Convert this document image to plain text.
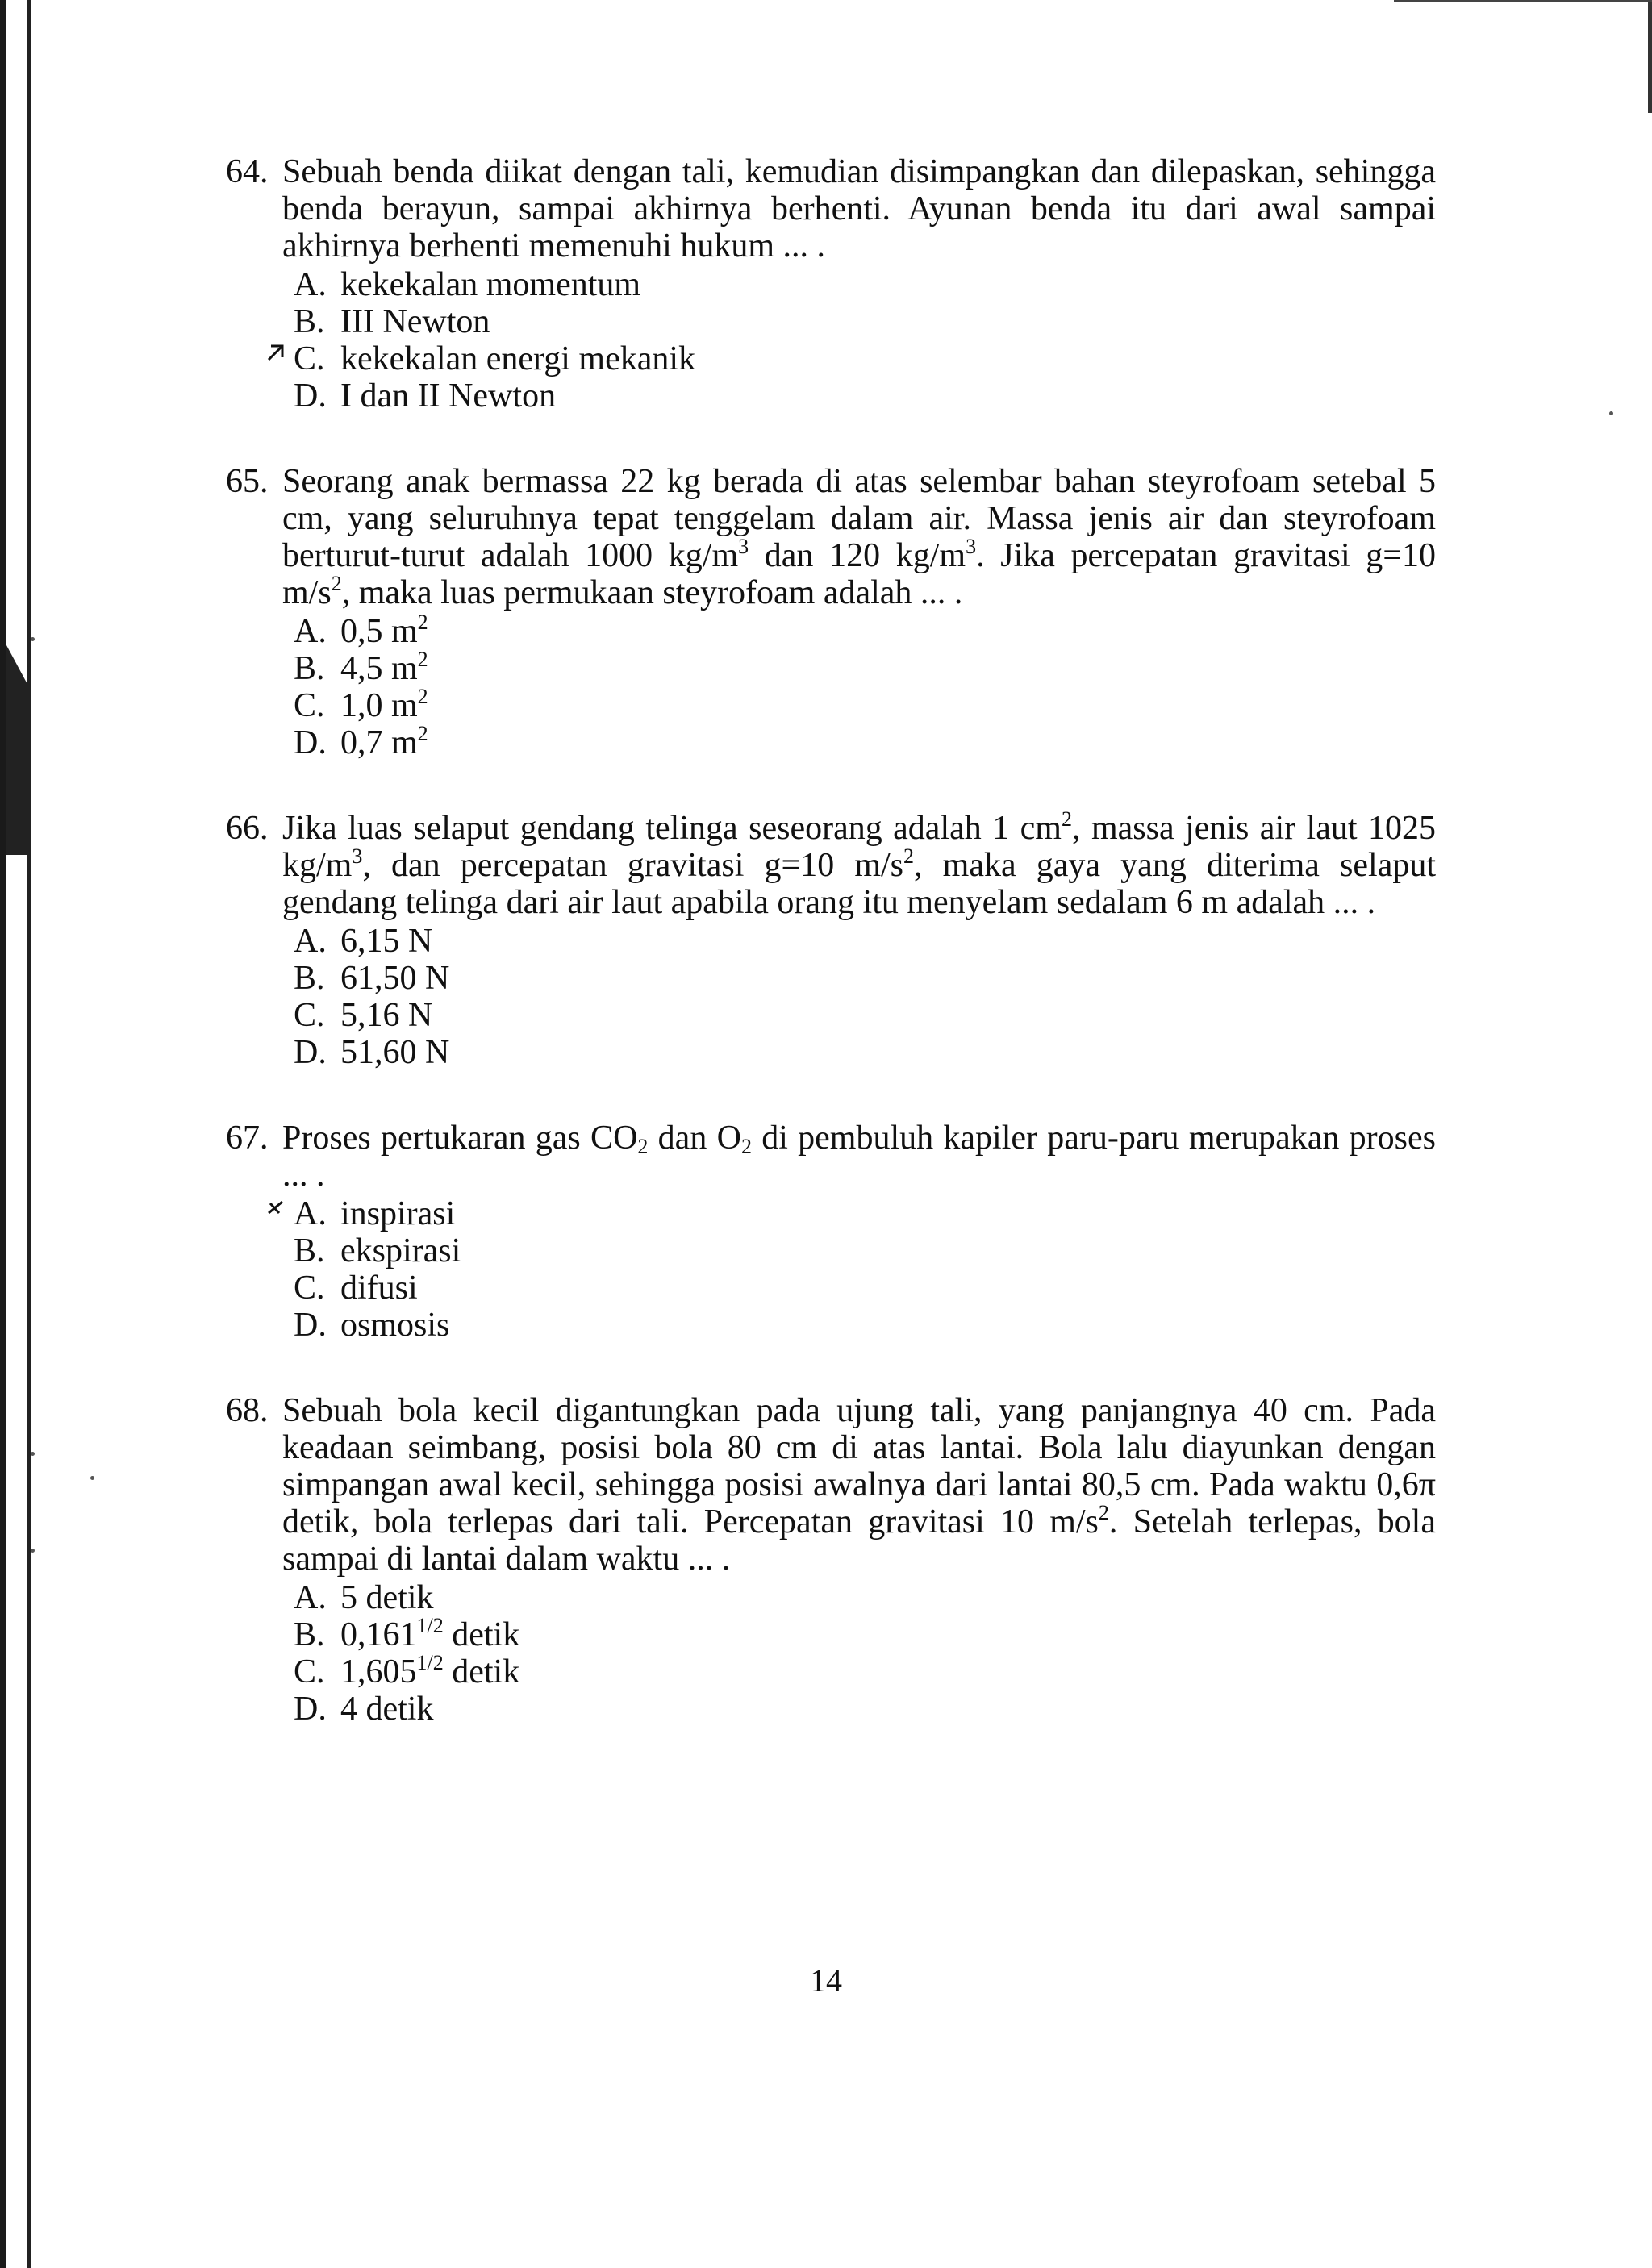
64. Sebuah benda diikat dengan tali, kemudian disimpangkan dan dilepaskan, sehingga benda berayun, sampai akhirnya berhenti. Ayunan benda itu dari awal sampai akhirnya berhenti memenuhi hukum ... .
A. kekekalan momentum
B. III Newton
C. kekekalan energi mekanik
D. I dan II Newton
65. Seorang anak bermassa 22 kg berada di atas selembar bahan steyrofoam setebal 5 cm, yang seluruhnya tepat tenggelam dalam air. Massa jenis air dan steyrofoam berturut-turut adalah 1000 $kg/m^3$ dan 120 $kg/m^3$. Jika percepatan gravitasi g=10 $m/s^2$, maka luas permukaan steyrofoam adalah ... .
A. 0,5 $m^2$
B. 4,5 $m^2$
C. 1,0 $m^2$
D. 0,7 $m^2$
66. Jika luas selaput gendang telinga seseorang adalah 1 $cm^2$, massa jenis air laut 1025 $kg/m^3$, dan percepatan gravitasi g=10 $m/s^2$, maka gaya yang diterima selaput gendang telinga dari air laut apabila orang itu menyelam sedalam 6 m adalah ... .
A. 6,15 N
B. 61,50 N
C. 5,16 N
D. 51,60 N
67. Proses pertukaran gas $CO_2$ dan $O_2$ di pembuluh kapiler paru-paru merupakan proses ... .
A. inspirasi
B. ekspirasi
C. difusi
D. osmosis
68. Sebuah bola kecil digantungkan pada ujung tali, yang panjangnya 40 cm. Pada keadaan seimbang, posisi bola 80 cm di atas lantai. Bola lalu diayunkan dengan simpangan awal kecil, sehingga posisi awalnya dari lantai 80,5 cm. Pada waktu 0,6π detik, bola terlepas dari tali. Percepatan gravitasi 10 $m/s^2$. Setelah terlepas, bola sampai di lantai dalam waktu ... .
A. 5 detik
B. $0,161^{1/2}$ detik
C. $1,605^{1/2}$ detik
D. 4 detik
14
